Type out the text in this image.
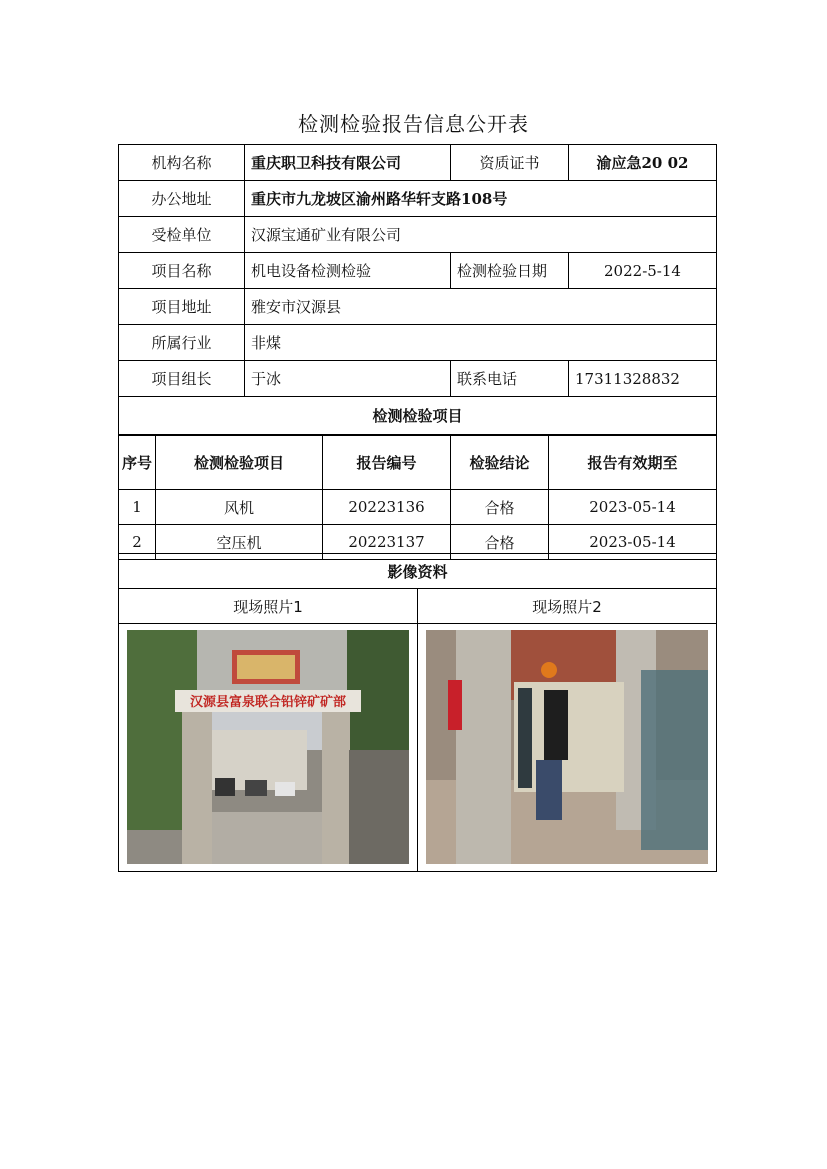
检测检验报告信息公开表
机构名称	重庆职卫科技有限公司	资质证书	渝应急20 02
办公地址	重庆市九龙坡区渝州路华轩支路108号		
受检单位	汉源宝通矿业有限公司		
项目名称	机电设备检测检验	检测检验日期	2022-5-14
项目地址	雅安市汉源县		
所属行业	非煤		
项目组长	于冰	联系电话	17311328832
检测检验项目			
序号	检测检验项目	报告编号	检验结论	报告有效期至
1	风机	20223136	合格	2023-05-14
2	空压机	20223137	合格	2023-05-14
影像资料	
现场照片1	现场照片2

汉源县富泉联合铅锌矿矿部
